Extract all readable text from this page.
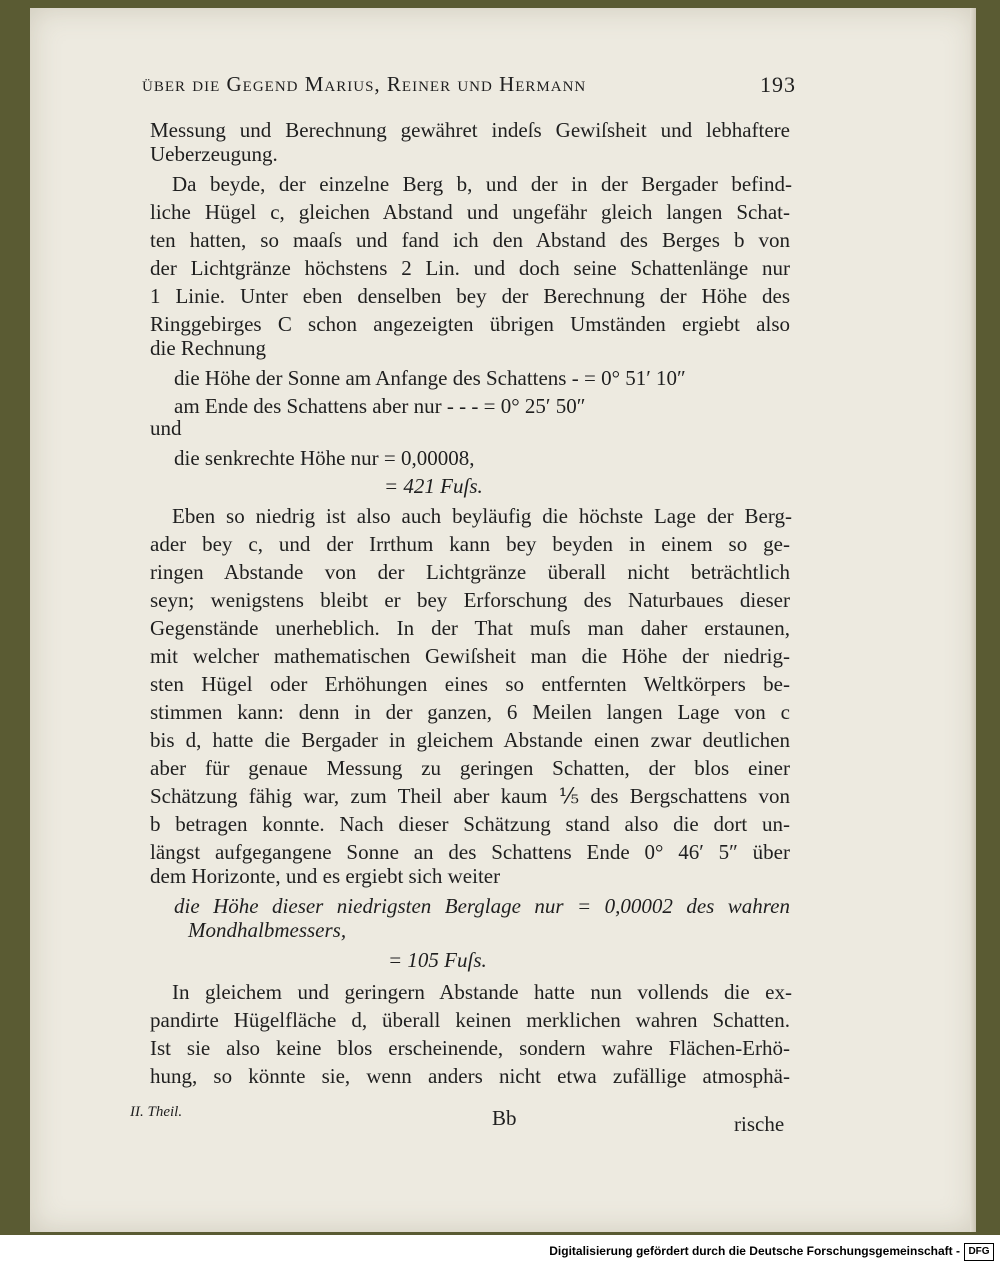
über die Gegend Marius, Reiner und Hermann	193
Messung und Berechnung gewähret indeſs Gewiſsheit und lebhaftere
Ueberzeugung.
Da beyde, der einzelne Berg b, und der in der Bergader befind-
liche Hügel c, gleichen Abstand und ungefähr gleich langen Schat-
ten hatten, so maaſs und fand ich den Abstand des Berges b von
der Lichtgränze höchstens 2 Lin. und doch seine Schattenlänge nur
1 Linie. Unter eben denselben bey der Berechnung der Höhe des
Ringgebirges C schon angezeigten übrigen Umständen ergiebt also
die Rechnung
die Höhe der Sonne am Anfange des Schattens - = 0° 51′ 10″
am Ende des Schattens aber nur - - - = 0° 25′ 50″
und
die senkrechte Höhe nur = 0,00008,
= 421 Fuſs.
Eben so niedrig ist also auch beyläufig die höchste Lage der Berg-
ader bey c, und der Irrthum kann bey beyden in einem so ge-
ringen Abstande von der Lichtgränze überall nicht beträchtlich
seyn; wenigstens bleibt er bey Erforschung des Naturbaues dieser
Gegenstände unerheblich. In der That muſs man daher erstaunen,
mit welcher mathematischen Gewiſsheit man die Höhe der niedrig-
sten Hügel oder Erhöhungen eines so entfernten Weltkörpers be-
stimmen kann: denn in der ganzen, 6 Meilen langen Lage von c
bis d, hatte die Bergader in gleichem Abstande einen zwar deutlichen
aber für genaue Messung zu geringen Schatten, der blos einer
Schätzung fähig war, zum Theil aber kaum ⅕ des Bergschattens von
b betragen konnte. Nach dieser Schätzung stand also die dort un-
längst aufgegangene Sonne an des Schattens Ende 0° 46′ 5″ über
dem Horizonte, und es ergiebt sich weiter
die Höhe dieser niedrigsten Berglage nur = 0,00002 des wahren
Mondhalbmessers,
= 105 Fuſs.
In gleichem und geringern Abstande hatte nun vollends die ex-
pandirte Hügelfläche d, überall keinen merklichen wahren Schatten.
Ist sie also keine blos erscheinende, sondern wahre Flächen-Erhö-
hung, so könnte sie, wenn anders nicht etwa zufällige atmosphä-
II. Theil.	Bb	rische
Digitalisierung gefördert durch die Deutsche Forschungsgemeinschaft - DFG
